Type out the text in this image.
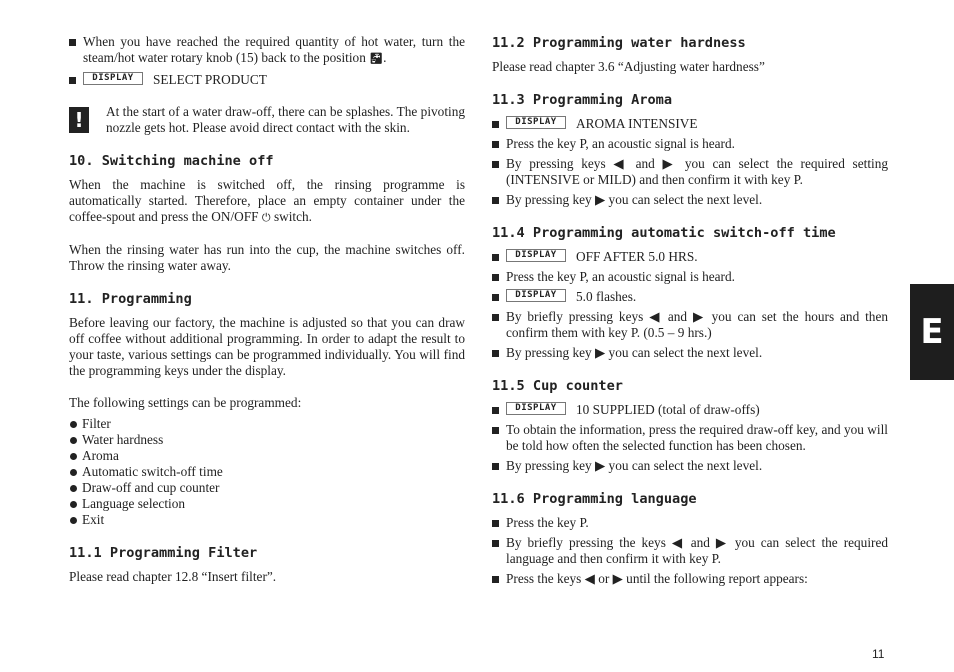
When you have reached the required quantity of hot water, turn the steam/hot water rotary knob (15) back to the position 🚰︎.
DISPLAY	SELECT PRODUCT
!	At the start of a water draw-off, there can be splashes. The pivoting nozzle gets hot. Please avoid direct contact with the skin.

10. Switching machine off

When the machine is switched off, the rinsing programme is automatically started. Therefore, place an empty container under the coffee-spout and press the ON/OFF ⏻ switch.

When the rinsing water has run into the cup, the machine switches off. Throw the rinsing water away.

11. Programming

Before leaving our factory, the machine is adjusted so that you can draw off coffee without additional programming. In order to adapt the result to your taste, various settings can be programmed individually. You will find the programming keys under the display.

The following settings can be programmed:

Filter
Water hardness
Aroma
Automatic switch-off time
Draw-off and cup counter
Language selection
Exit
11.1 Programming Filter

Please read chapter 12.8 “Insert filter”.

11.2 Programming water hardness

Please read chapter 3.6 “Adjusting water hardness”

11.3 Programming Aroma
DISPLAY	AROMA INTENSIVE
Press the key P, an acoustic signal is heard.
By pressing keys ◀ and ▶ you can select the required setting (INTENSIVE or MILD) and then confirm it with key P.
By pressing key ▶ you can select the next level.
11.4 Programming automatic switch-off time
DISPLAY	OFF AFTER 5.0 HRS.
Press the key P, an acoustic signal is heard.
DISPLAY	5.0 flashes.
By briefly pressing keys ◀ and ▶ you can set the hours and then confirm them with key P. (0.5 – 9 hrs.)
By pressing key ▶ you can select the next level.
11.5 Cup counter
DISPLAY	10 SUPPLIED (total of draw-offs)
To obtain the information, press the required draw-off key, and you will be told how often the selected function has been chosen.
By pressing key ▶ you can select the next level.
11.6 Programming language
Press the key P.
By briefly pressing the keys ◀ and ▶ you can select the required language and then confirm it with key P.
Press the keys ◀ or ▶ until the following report appears:
E
11
